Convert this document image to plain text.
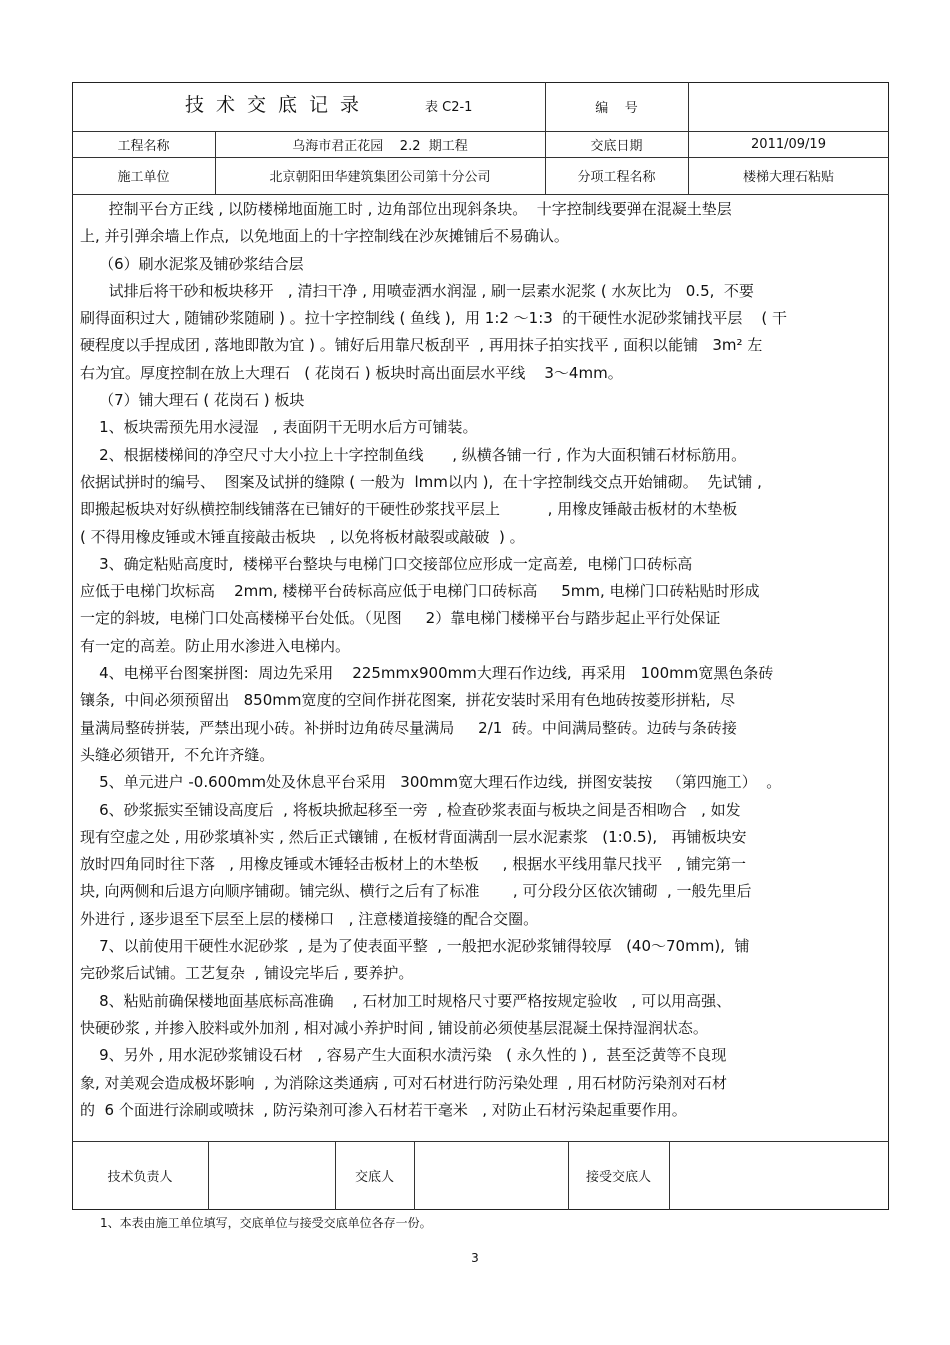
技术交底记录	表 C2-1	编    号
工程名称	乌海市君正花园    2.2  期工程	交底日期	2011/09/19
施工单位	北京朝阳田华建筑集团公司第十分公司	分项工程名称	楼梯大理石粘贴

控制平台方正线 , 以防楼梯地面施工时 , 边角部位出现斜条块。  十字控制线要弹在混凝土垫层

上, 并引弹余墙上作点,  以免地面上的十字控制线在沙灰摊铺后不易确认。

（6）刷水泥浆及铺砂浆结合层

试排后将干砂和板块移开   , 清扫干净 , 用喷壶洒水润湿 , 刷一层素水泥浆 ( 水灰比为   0.5,  不要

刷得面积过大 , 随铺砂浆随刷 ) 。拉十字控制线 ( 鱼线 ),  用 1:2 ～1:3  的干硬性水泥砂浆铺找平层    ( 干

硬程度以手捏成团 , 落地即散为宜 ) 。铺好后用靠尺板刮平  , 再用抹子拍实找平 , 面积以能铺   3m² 左

右为宜。厚度控制在放上大理石   ( 花岗石 ) 板块时高出面层水平线    3～4mm。

（7）铺大理石 ( 花岗石 ) 板块

1、板块需预先用水浸湿   , 表面阴干无明水后方可铺装。

2、根据楼梯间的净空尺寸大小拉上十字控制鱼线      , 纵横各铺一行 , 作为大面积铺石材标筋用。

依据试拼时的编号、  图案及试拼的缝隙 ( 一般为  lmm以内 ),  在十字控制线交点开始铺砌。  先试铺 ,

即搬起板块对好纵横控制线铺落在已铺好的干硬性砂浆找平层上          , 用橡皮锤敲击板材的木垫板

( 不得用橡皮锤或木锤直接敲击板块   , 以免将板材敲裂或敲破  ) 。

3、确定粘贴高度时,  楼梯平台整块与电梯门口交接部位应形成一定高差,  电梯门口砖标高

应低于电梯门坎标高    2mm, 楼梯平台砖标高应低于电梯门口砖标高     5mm, 电梯门口砖粘贴时形成

一定的斜坡,  电梯门口处高楼梯平台处低。（见图     2）靠电梯门楼梯平台与踏步起止平行处保证

有一定的高差。防止用水渗进入电梯内。

4、电梯平台图案拼图:  周边先采用    225mmx900mm大理石作边线,  再采用   100mm宽黑色条砖

镶条,  中间必须预留出   850mm宽度的空间作拼花图案,  拼花安装时采用有色地砖按菱形拼粘,  尽

量满局整砖拼装,  严禁出现小砖。补拼时边角砖尽量满局     2/1  砖。中间满局整砖。边砖与条砖接

头缝必须错开,  不允许齐缝。

5、单元进户 -0.600mm处及休息平台采用   300mm宽大理石作边线,  拼图安装按   （第四施工）  。

6、砂浆振实至铺设高度后  , 将板块掀起移至一旁  , 检查砂浆表面与板块之间是否相吻合   , 如发

现有空虚之处 , 用砂浆填补实 , 然后正式镶铺 , 在板材背面满刮一层水泥素浆   (1:0.5),   再铺板块安

放时四角同时往下落   , 用橡皮锤或木锤轻击板材上的木垫板     , 根据水平线用靠尺找平   , 铺完第一

块, 向两侧和后退方向顺序铺砌。铺完纵、横行之后有了标准       , 可分段分区依次铺砌  , 一般先里后

外进行 , 逐步退至下层至上层的楼梯口   , 注意楼道接缝的配合交圈。

7、以前使用干硬性水泥砂浆  , 是为了使表面平整  , 一般把水泥砂浆铺得较厚   (40～70mm),  铺

完砂浆后试铺。工艺复杂  , 铺设完毕后 , 要养护。

8、粘贴前确保楼地面基底标高准确    , 石材加工时规格尺寸要严格按规定验收   , 可以用高强、

快硬砂浆 , 并掺入胶料或外加剂 , 相对减小养护时间 , 铺设前必须使基层混凝土保持湿润状态。

9、另外 , 用水泥砂浆铺设石材   , 容易产生大面积水渍污染   ( 永久性的 ) ,  甚至泛黄等不良现

象, 对美观会造成极坏影响  , 为消除这类通病 , 可对石材进行防污染处理  , 用石材防污染剂对石材

的  6 个面进行涂刷或喷抹  , 防污染剂可渗入石材若干毫米   , 对防止石材污染起重要作用。

技术负责人	交底人	接受交底人
1、本表由施工单位填写，交底单位与接受交底单位各存一份。
3
